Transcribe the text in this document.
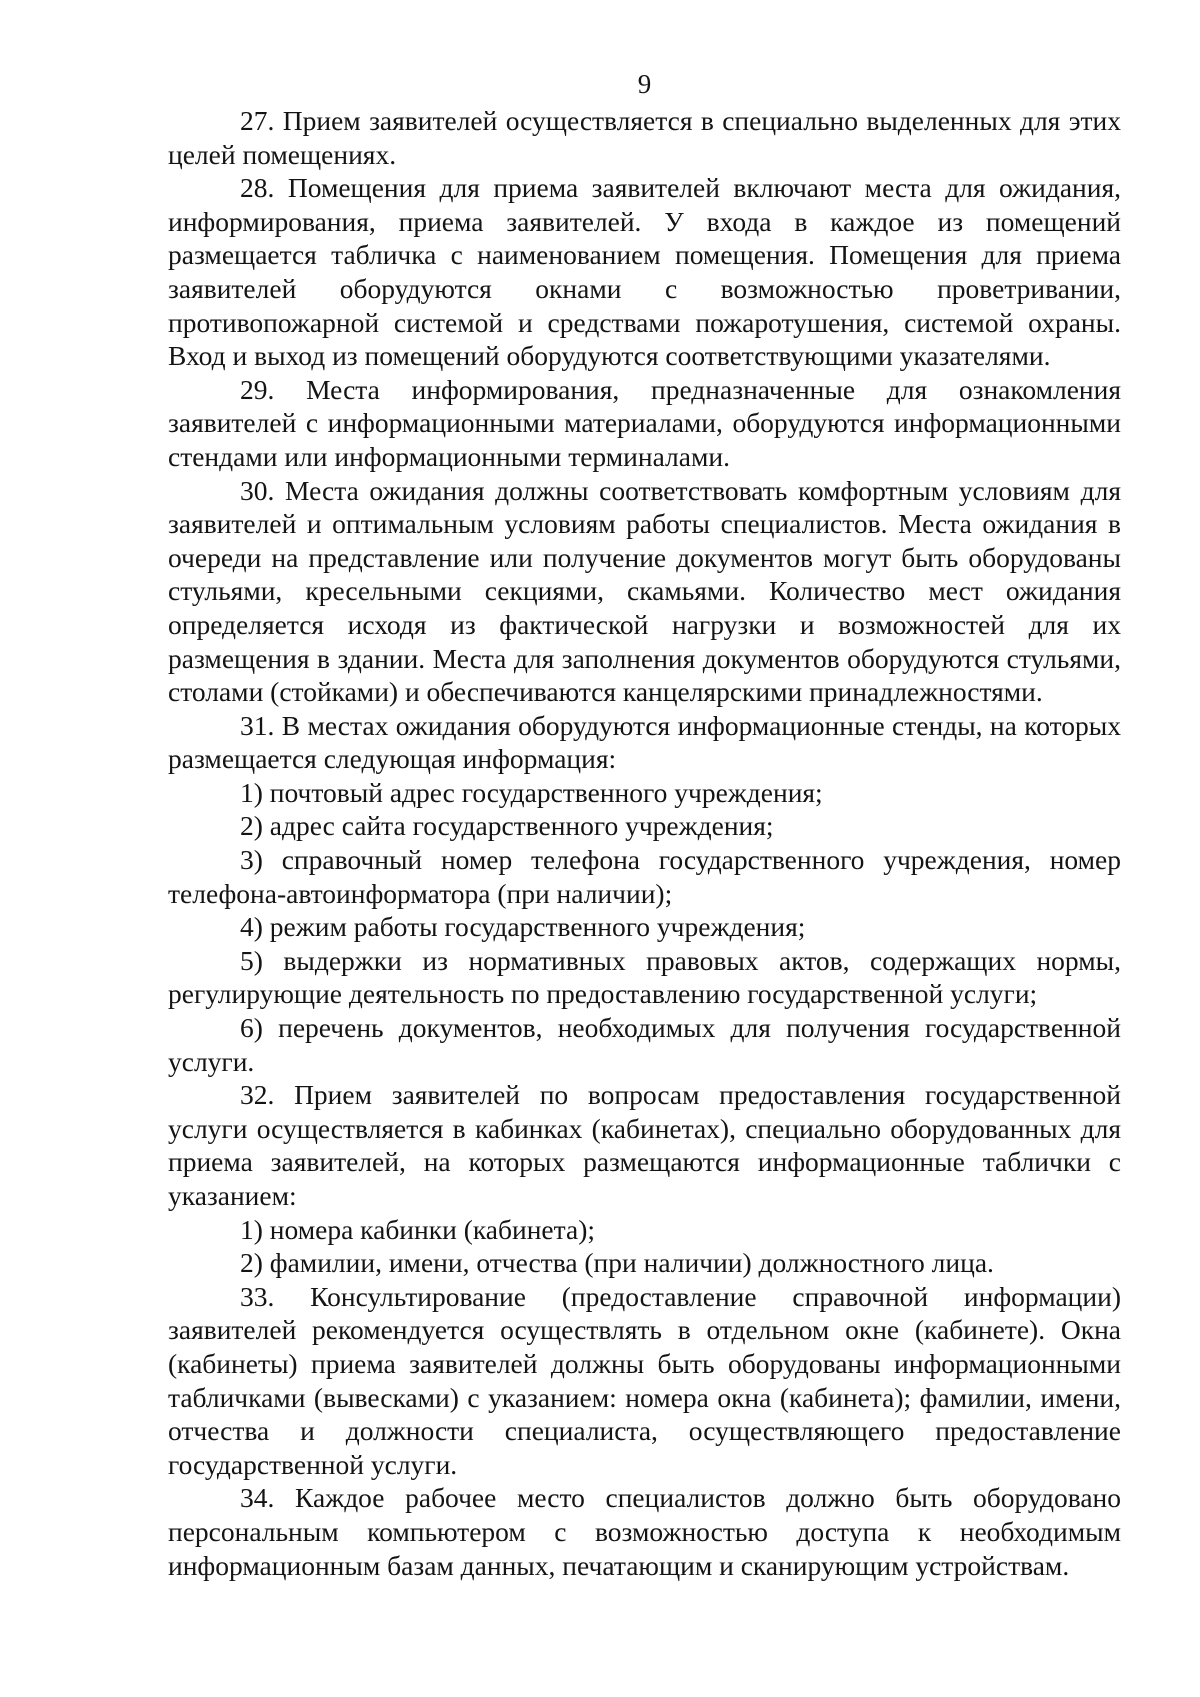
9

27. Прием заявителей осуществляется в специально выделенных для этих целей помещениях.

28. Помещения для приема заявителей включают места для ожидания, информирования, приема заявителей. У входа в каждое из помещений размещается табличка с наименованием помещения. Помещения для приема заявителей оборудуются окнами с возможностью проветривании, противопожарной системой и средствами пожаротушения, системой охраны. Вход и выход из помещений оборудуются соответствующими указателями.

29. Места информирования, предназначенные для ознакомления заявителей с информационными материалами, оборудуются информационными стендами или информационными терминалами.

30. Места ожидания должны соответствовать комфортным условиям для заявителей и оптимальным условиям работы специалистов. Места ожидания в очереди на представление или получение документов могут быть оборудованы стульями, кресельными секциями, скамьями. Количество мест ожидания определяется исходя из фактической нагрузки и возможностей для их размещения в здании. Места для заполнения документов оборудуются стульями, столами (стойками) и обеспечиваются канцелярскими принадлежностями.

31. В местах ожидания оборудуются информационные стенды, на которых размещается следующая информация:

1) почтовый адрес государственного учреждения;

2) адрес сайта государственного учреждения;

3) справочный номер телефона государственного учреждения, номер телефона-автоинформатора (при наличии);

4) режим работы государственного учреждения;

5) выдержки из нормативных правовых актов, содержащих нормы, регулирующие деятельность по предоставлению государственной услуги;

6) перечень документов, необходимых для получения государственной услуги.

32. Прием заявителей по вопросам предоставления государственной услуги осуществляется в кабинках (кабинетах), специально оборудованных для приема заявителей, на которых размещаются информационные таблички с указанием:

1) номера кабинки (кабинета);

2) фамилии, имени, отчества (при наличии) должностного лица.

33. Консультирование (предоставление справочной информации) заявителей рекомендуется осуществлять в отдельном окне (кабинете). Окна (кабинеты) приема заявителей должны быть оборудованы информационными табличками (вывесками) с указанием: номера окна (кабинета); фамилии, имени, отчества и должности специалиста, осуществляющего предоставление государственной услуги.

34. Каждое рабочее место специалистов должно быть оборудовано персональным компьютером с возможностью доступа к необходимым информационным базам данных, печатающим и сканирующим устройствам.
